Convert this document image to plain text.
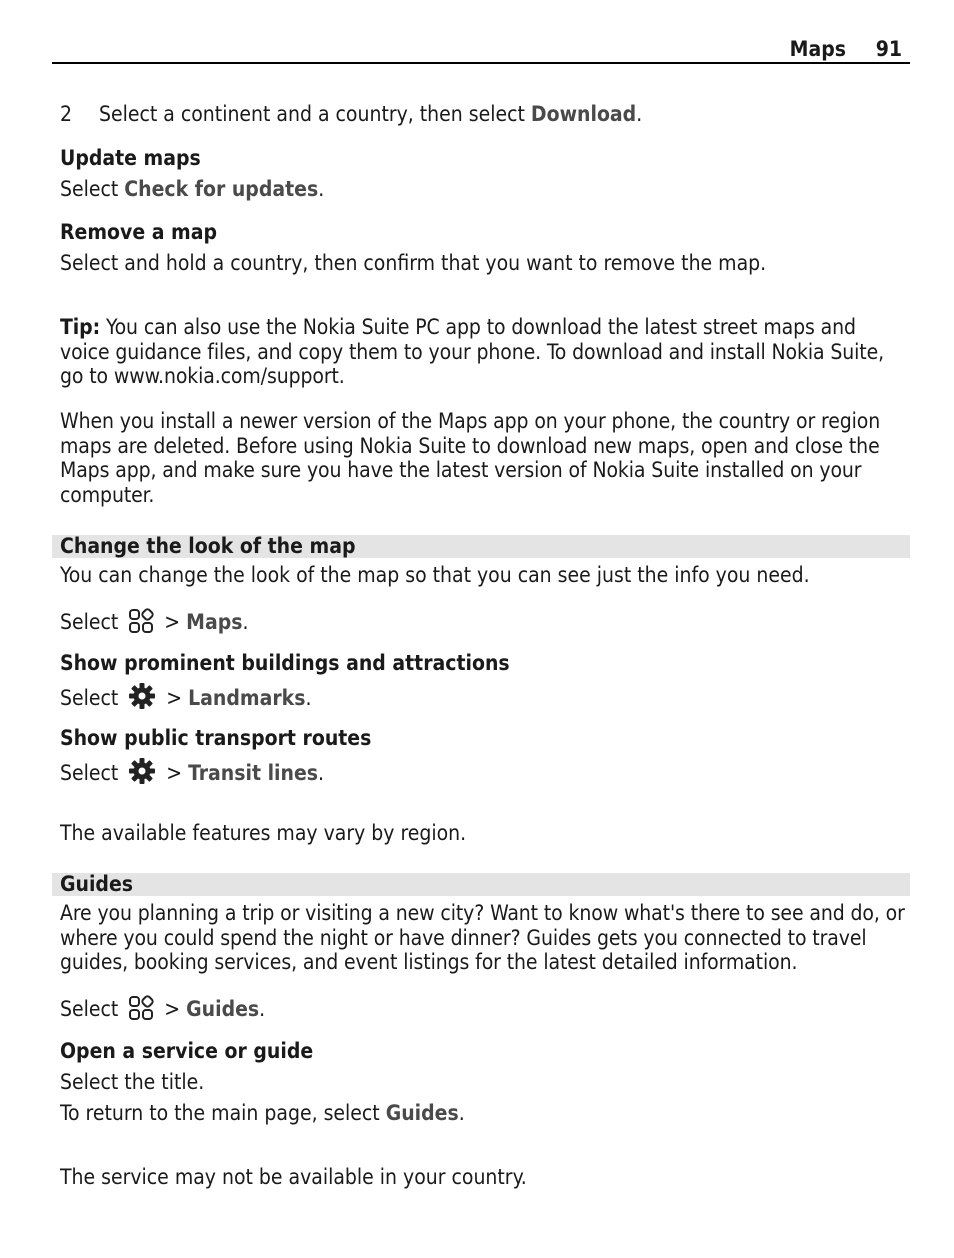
Maps 91
2 Select a continent and a country, then select Download.
Update maps
Select Check for updates.
Remove a map
Select and hold a country, then confirm that you want to remove the map.
Tip: You can also use the Nokia Suite PC app to download the latest street maps and voice guidance files, and copy them to your phone. To download and install Nokia Suite, go to www.nokia.com/support.
When you install a newer version of the Maps app on your phone, the country or region maps are deleted. Before using Nokia Suite to download new maps, open and close the Maps app, and make sure you have the latest version of Nokia Suite installed on your computer.
Change the look of the map
You can change the look of the map so that you can see just the info you need.
Select  > Maps.
Show prominent buildings and attractions
Select  > Landmarks.
Show public transport routes
Select  > Transit lines.
The available features may vary by region.
Guides
Are you planning a trip or visiting a new city? Want to know what's there to see and do, or where you could spend the night or have dinner? Guides gets you connected to travel guides, booking services, and event listings for the latest detailed information.
Select  > Guides.
Open a service or guide
Select the title.
To return to the main page, select Guides.
The service may not be available in your country.
